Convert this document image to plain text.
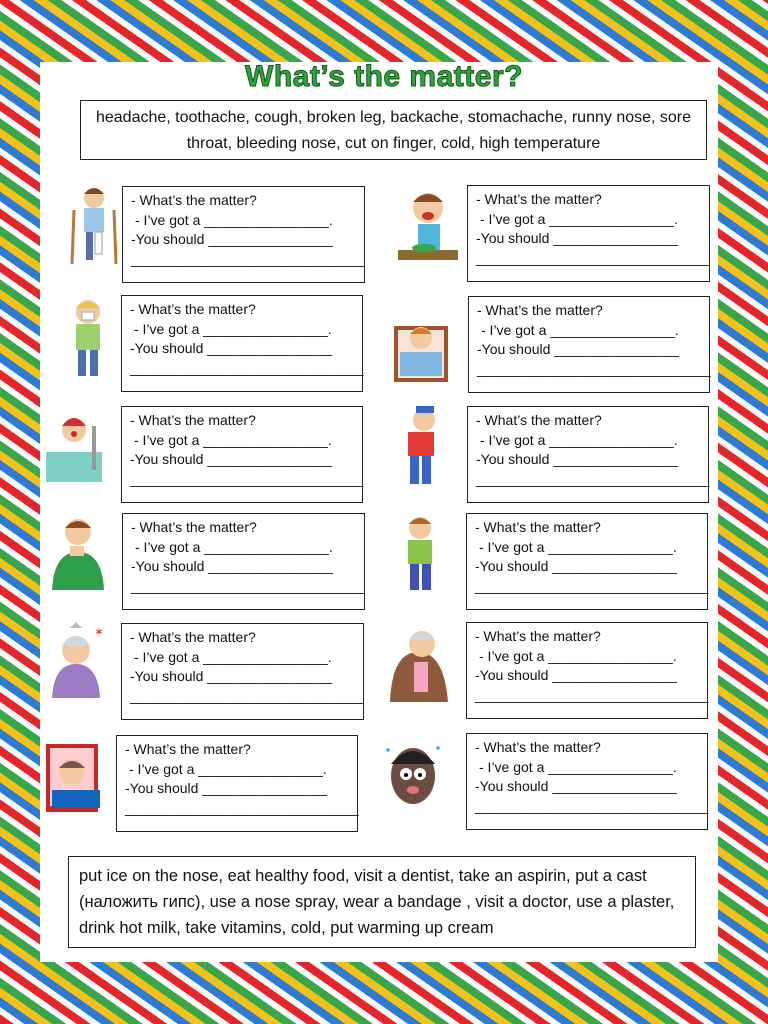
What’s the matter?
headache, toothache, cough, broken leg, backache, stomachache, runny nose, sore throat, bleeding nose, cut on finger, cold, high temperature
- What’s the matter?
- I’ve got a ________________.
-You should ________________
______________________________
- What’s the matter?
- I’ve got a ________________.
-You should ________________
______________________________
- What’s the matter?
- I’ve got a ________________.
-You should ________________
______________________________
- What’s the matter?
- I’ve got a ________________.
-You should ________________
______________________________
- What’s the matter?
- I’ve got a ________________.
-You should ________________
______________________________
- What’s the matter?
- I’ve got a ________________.
-You should ________________
______________________________
- What’s the matter?
- I’ve got a ________________.
-You should ________________
______________________________
- What’s the matter?
- I’ve got a ________________.
-You should ________________
______________________________
✶ - What’s the matter?
- I’ve got a ________________.
-You should ________________
______________________________
- What’s the matter?
- I’ve got a ________________.
-You should ________________
______________________________
- What’s the matter?
- I’ve got a ________________.
-You should ________________
______________________________
- What’s the matter?
- I’ve got a ________________.
-You should ________________
______________________________
put ice on the nose, eat healthy food, visit a dentist, take an aspirin, put a cast (наложить гипс), use a nose spray, wear a bandage , visit a doctor, use a plaster, drink hot milk, take vitamins, cold, put warming up cream
